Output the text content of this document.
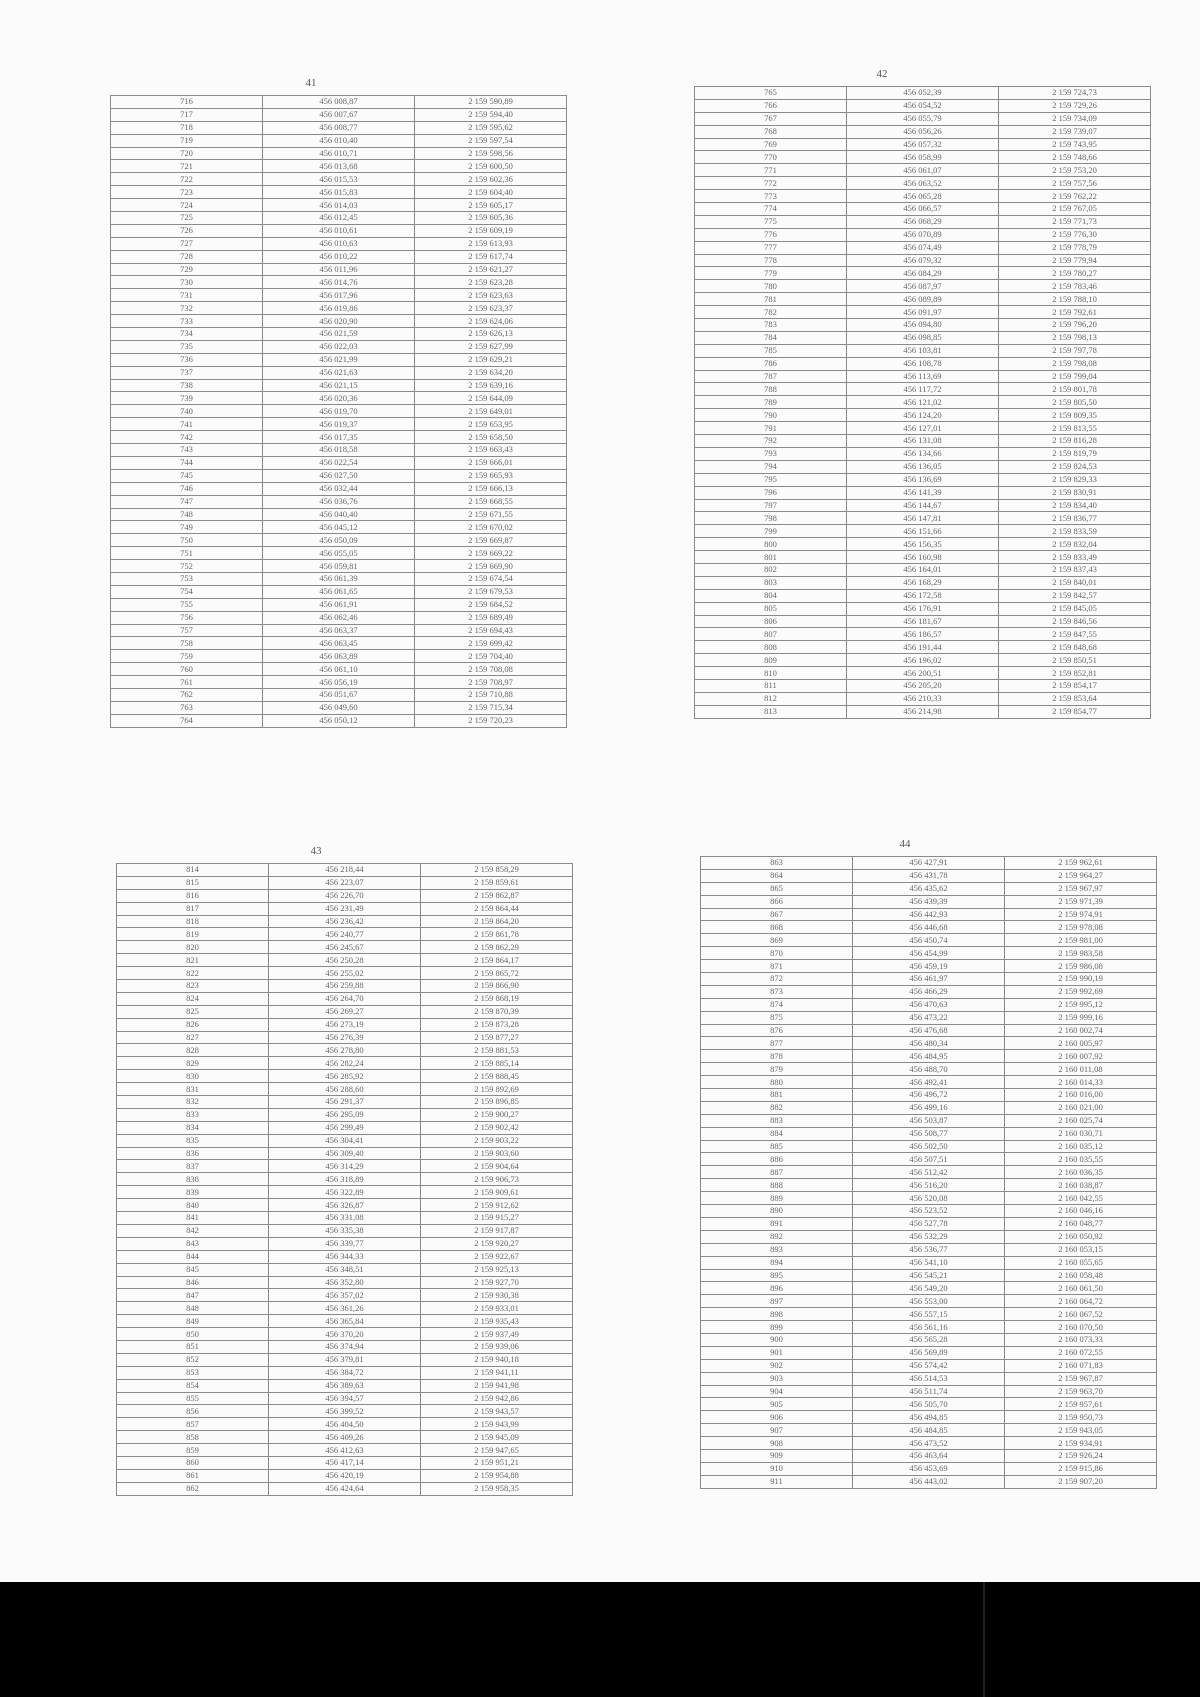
41
716	456 008,87	2 159 590,89
717	456 007,67	2 159 594,40
718	456 008,77	2 159 595,62
719	456 010,40	2 159 597,54
720	456 010,71	2 159 598,56
721	456 013,68	2 159 600,50
722	456 015,53	2 159 602,36
723	456 015,83	2 159 604,40
724	456 014,03	2 159 605,17
725	456 012,45	2 159 605,36
726	456 010,61	2 159 609,19
727	456 010,63	2 159 613,93
728	456 010,22	2 159 617,74
729	456 011,96	2 159 621,27
730	456 014,76	2 159 623,28
731	456 017,96	2 159 623,63
732	456 019,86	2 159 623,37
733	456 020,90	2 159 624,06
734	456 021,59	2 159 626,13
735	456 022,03	2 159 627,99
736	456 021,99	2 159 629,21
737	456 021,63	2 159 634,20
738	456 021,15	2 159 639,16
739	456 020,36	2 159 644,09
740	456 019,70	2 159 649,01
741	456 019,37	2 159 653,95
742	456 017,35	2 159 658,50
743	456 018,58	2 159 663,43
744	456 022,54	2 159 666,01
745	456 027,50	2 159 665,93
746	456 032,44	2 159 666,13
747	456 036,76	2 159 668,55
748	456 040,40	2 159 671,55
749	456 045,12	2 159 670,02
750	456 050,09	2 159 669,87
751	456 055,05	2 159 669,22
752	456 059,81	2 159 669,90
753	456 061,39	2 159 674,54
754	456 061,65	2 159 679,53
755	456 061,91	2 159 684,52
756	456 062,46	2 159 689,49
757	456 063,37	2 159 694,43
758	456 063,45	2 159 699,42
759	456 063,89	2 159 704,40
760	456 061,10	2 159 708,08
761	456 056,19	2 159 708,97
762	456 051,67	2 159 710,88
763	456 049,60	2 159 715,34
764	456 050,12	2 159 720,23
42
765	456 052,39	2 159 724,73
766	456 054,52	2 159 729,26
767	456 055,79	2 159 734,09
768	456 056,26	2 159 739,07
769	456 057,32	2 159 743,95
770	456 058,99	2 159 748,66
771	456 061,07	2 159 753,20
772	456 063,52	2 159 757,56
773	456 065,28	2 159 762,22
774	456 066,57	2 159 767,05
775	456 068,29	2 159 771,73
776	456 070,89	2 159 776,30
777	456 074,49	2 159 778,79
778	456 079,32	2 159 779,94
779	456 084,29	2 159 780,27
780	456 087,97	2 159 783,46
781	456 089,89	2 159 788,10
782	456 091,97	2 159 792,61
783	456 094,80	2 159 796,20
784	456 098,85	2 159 798,13
785	456 103,81	2 159 797,78
786	456 108,78	2 159 798,08
787	456 113,69	2 159 799,04
788	456 117,72	2 159 801,78
789	456 121,02	2 159 805,50
790	456 124,20	2 159 809,35
791	456 127,01	2 159 813,55
792	456 131,08	2 159 816,28
793	456 134,66	2 159 819,79
794	456 136,05	2 159 824,53
795	456 136,69	2 159 829,33
796	456 141,39	2 159 830,91
797	456 144,67	2 159 834,40
798	456 147,81	2 159 836,77
799	456 151,66	2 159 833,59
800	456 156,35	2 159 832,04
801	456 160,98	2 159 833,49
802	456 164,01	2 159 837,43
803	456 168,29	2 159 840,01
804	456 172,58	2 159 842,57
805	456 176,91	2 159 845,05
806	456 181,67	2 159 846,56
807	456 186,57	2 159 847,55
808	456 191,44	2 159 848,68
809	456 196,02	2 159 850,51
810	456 200,51	2 159 852,81
811	456 205,20	2 159 854,17
812	456 210,33	2 159 853,64
813	456 214,98	2 159 854,77
43
814	456 218,44	2 159 858,29
815	456 223,07	2 159 859,61
816	456 226,70	2 159 862,87
817	456 231,49	2 159 864,44
818	456 236,42	2 159 864,20
819	456 240,77	2 159 861,78
820	456 245,67	2 159 862,29
821	456 250,28	2 159 864,17
822	456 255,02	2 159 865,72
823	456 259,88	2 159 866,90
824	456 264,70	2 159 868,19
825	456 269,27	2 159 870,39
826	456 273,19	2 159 873,28
827	456 276,39	2 159 877,27
828	456 278,80	2 159 881,53
829	456 282,24	2 159 885,14
830	456 285,92	2 159 888,45
831	456 288,60	2 159 892,69
832	456 291,37	2 159 896,85
833	456 295,09	2 159 900,27
834	456 299,49	2 159 902,42
835	456 304,41	2 159 903,22
836	456 309,40	2 159 903,60
837	456 314,29	2 159 904,64
838	456 318,89	2 159 906,73
839	456 322,89	2 159 909,61
840	456 326,87	2 159 912,62
841	456 331,08	2 159 915,27
842	456 335,38	2 159 917,87
843	456 339,77	2 159 920,27
844	456 344,33	2 159 922,67
845	456 348,51	2 159 925,13
846	456 352,80	2 159 927,70
847	456 357,02	2 159 930,38
848	456 361,26	2 159 933,01
849	456 365,84	2 159 935,43
850	456 370,20	2 159 937,49
851	456 374,94	2 159 939,06
852	456 379,81	2 159 940,18
853	456 384,72	2 159 941,11
854	456 389,63	2 159 941,98
855	456 394,57	2 159 942,86
856	456 399,52	2 159 943,57
857	456 404,50	2 159 943,99
858	456 409,26	2 159 945,09
859	456 412,63	2 159 947,65
860	456 417,14	2 159 951,21
861	456 420,19	2 159 954,88
862	456 424,64	2 159 958,35
44
863	456 427,91	2 159 962,61
864	456 431,78	2 159 964,27
865	456 435,62	2 159 967,97
866	456 439,39	2 159 971,39
867	456 442,93	2 159 974,91
868	456 446,68	2 159 978,08
869	456 450,74	2 159 981,00
870	456 454,99	2 159 983,58
871	456 459,19	2 159 986,08
872	456 461,97	2 159 990,19
873	456 466,29	2 159 992,69
874	456 470,63	2 159 995,12
875	456 473,22	2 159 999,16
876	456 476,68	2 160 002,74
877	456 480,34	2 160 005,97
878	456 484,95	2 160 007,92
879	456 488,70	2 160 011,08
880	456 492,41	2 160 014,33
881	456 496,72	2 160 016,00
882	456 499,16	2 160 021,00
883	456 503,87	2 160 025,74
884	456 508,77	2 160 030,71
885	456 502,50	2 160 035,12
886	456 507,51	2 160 035,55
887	456 512,42	2 160 036,35
888	456 516,20	2 160 038,87
889	456 520,08	2 160 042,55
890	456 523,52	2 160 046,16
891	456 527,78	2 160 048,77
892	456 532,29	2 160 050,92
893	456 536,77	2 160 053,15
894	456 541,10	2 160 055,65
895	456 545,21	2 160 058,48
896	456 549,20	2 160 061,50
897	456 553,00	2 160 064,72
898	456 557,15	2 160 067,52
899	456 561,16	2 160 070,50
900	456 565,28	2 160 073,33
901	456 569,89	2 160 072,55
902	456 574,42	2 160 071,83
903	456 514,53	2 159 967,87
904	456 511,74	2 159 963,70
905	456 505,70	2 159 957,61
906	456 494,85	2 159 950,73
907	456 484,85	2 159 943,05
908	456 473,52	2 159 934,91
909	456 463,64	2 159 926,24
910	456 453,69	2 159 915,86
911	456 443,02	2 159 907,20
